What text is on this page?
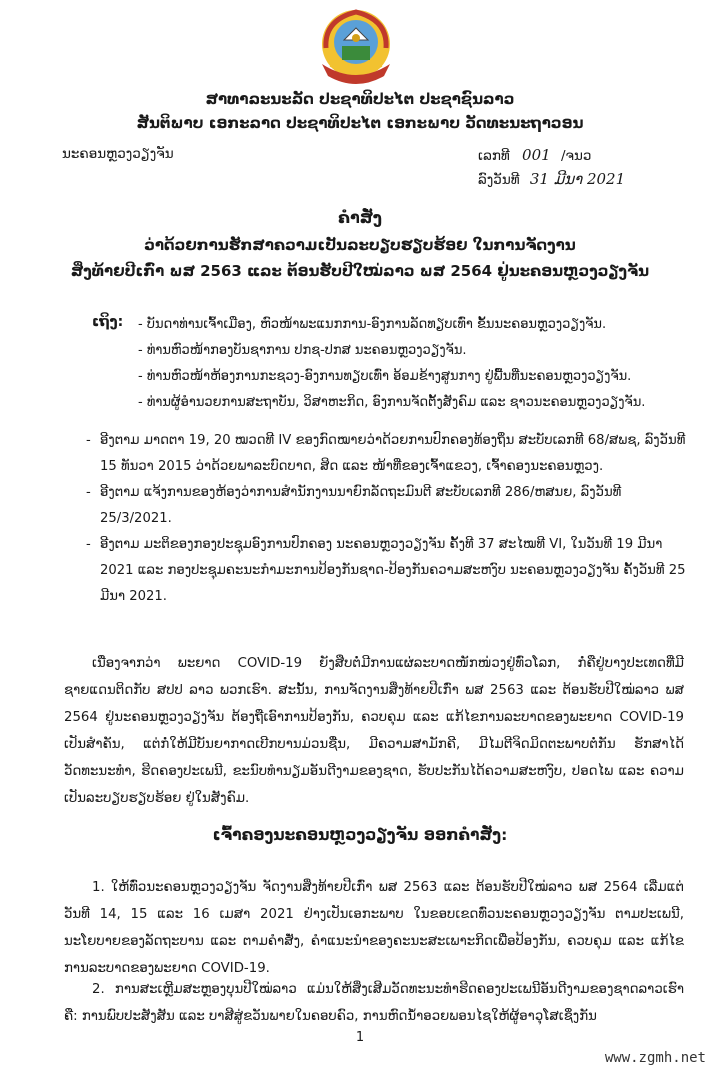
ສາທາລະນະລັດ ປະຊາທິປະໄຕ ປະຊາຊົນລາວ
ສັນຕິພາບ ເອກະລາດ ປະຊາທິປະໄຕ ເອກະພາບ ວັດທະນະຖາວອນ
ນະຄອນຫຼວງວຽງຈັນ	ເລກທີ 001 /ຈນວ
ລົງວັນທີ 31 ມີນາ 2021
ຄຳສັ່ງ
ວ່າດ້ວຍການຮັກສາຄວາມເປັນລະບຽບຮຽບຮ້ອຍ ໃນການຈັດງານ
ສິ່ງທ້າຍປີເກົ່າ ພສ 2563 ແລະ ຕ້ອນຮັບປີໃໝ່ລາວ ພສ 2564 ຢູ່ນະຄອນຫຼວງວຽງຈັນ
ເຖິງ: - ບັນດາທ່ານເຈົ້າເມືອງ, ຫົວໜ້າພະແນກການ-ອົງການລັດທຽບເທົ່າ ຂັ້ນນະຄອນຫຼວງວຽງຈັນ.
- ທ່ານຫົວໜ້າກອງບັນຊາການ ປກຊ-ປກສ ນະຄອນຫຼວງວຽງຈັນ.
- ທ່ານຫົວໜ້າຫ້ອງການກະຊວງ-ອົງການທຽບເທົ່າ ອ້ອມຂ້າງສູນກາງ ຢູ່ພື້ນທີ່ນະຄອນຫຼວງວຽງຈັນ.
- ທ່ານຜູ້ອຳນວຍການສະຖາບັນ, ວິສາຫະກິດ, ອົງການຈັດຕັ້ງສັງຄົມ ແລະ ຊາວນະຄອນຫຼວງວຽງຈັນ.
- ອີງຕາມ ມາດຕາ 19, 20 ໝວດທີ IV ຂອງກົດໝາຍວ່າດ້ວຍການປົກຄອງທ້ອງຖິ່ນ ສະບັບເລກທີ 68/ສພຊ, ລົງວັນທີ 15 ທັນວາ 2015 ວ່າດ້ວຍພາລະບົດບາດ, ສິດ ແລະ ໜ້າທີ່ຂອງເຈົ້າແຂວງ, ເຈົ້າຄອງນະຄອນຫຼວງ.
- ອີງຕາມ ແຈ້ງການຂອງຫ້ອງວ່າການສຳນັກງານນາຍົກລັດຖະມົນຕີ ສະບັບເລກທີ 286/ຫສນຍ, ລົງວັນທີ 25/3/2021.
- ອີງຕາມ ມະຕິຂອງກອງປະຊຸມອົງການປົກຄອງ ນະຄອນຫຼວງວຽງຈັນ ຄັ້ງທີ 37 ສະໄໝທີ VI, ໃນວັນທີ 19 ມີນາ 2021 ແລະ ກອງປະຊຸມຄະນະກຳມະການປ້ອງກັນຊາດ-ປ້ອງກັນຄວາມສະຫງົບ ນະຄອນຫຼວງວຽງຈັນ ຄັ້ງວັນທີ 25 ມີນາ 2021.
ເນື່ອງຈາກວ່າ ພະຍາດ COVID-19 ຍັງສືບຕໍ່ມີການແຜ່ລະບາດໜັກໜ່ວງຢູ່ທົ່ວໂລກ, ກໍ່ຄືຢູ່ບາງປະເທດທີ່ມີຊາຍແດນຕິດກັບ ສປປ ລາວ ພວກເຮົາ. ສະນັ້ນ, ການຈັດງານສິ່ງທ້າຍປີເກົ່າ ພສ 2563 ແລະ ຕ້ອນຮັບປີໃໝ່ລາວ ພສ 2564 ຢູ່ນະຄອນຫຼວງວຽງຈັນ ຕ້ອງຖືເອົາການປ້ອງກັນ, ຄວບຄຸມ ແລະ ແກ້ໄຂການລະບາດຂອງພະຍາດ COVID-19 ເປັນສຳຄັນ, ແຕ່ກໍ່ໃຫ້ມີບັນຍາກາດເບີກບານມ່ວນຊື່ນ, ມີຄວາມສາມັກຄີ, ມີໄມຕີຈິດມິດຕະພາບຕໍ່ກັນ ຮັກສາໄດ້ວັດທະນະທຳ, ຮີດຄອງປະເພນີ, ຂະນົບທຳນຽມອັນດີງາມຂອງຊາດ, ຮັບປະກັນໄດ້ຄວາມສະຫງົບ, ປອດໄພ ແລະ ຄວາມເປັນລະບຽບຮຽບຮ້ອຍ ຢູ່ໃນສັງຄົມ.
ເຈົ້າຄອງນະຄອນຫຼວງວຽງຈັນ ອອກຄຳສັ່ງ:
1. ໃຫ້ທົ່ວນະຄອນຫຼວງວຽງຈັນ ຈັດງານສິ່ງທ້າຍປີເກົ່າ ພສ 2563 ແລະ ຕ້ອນຮັບປີໃໝ່ລາວ ພສ 2564 ເລີ່ມແຕ່ວັນທີ 14, 15 ແລະ 16 ເມສາ 2021 ຢ່າງເປັນເອກະພາບ ໃນຂອບເຂດທົ່ວນະຄອນຫຼວງວຽງຈັນ ຕາມປະເພນີ, ນະໂຍບາຍຂອງລັດຖະບານ ແລະ ຕາມຄຳສັ່ງ, ຄຳແນະນຳຂອງຄະນະສະເພາະກິດເພື່ອປ້ອງກັນ, ຄວບຄຸມ ແລະ ແກ້ໄຂການລະບາດຂອງພະຍາດ COVID-19.
2. ການສະເຫຼີມສະຫຼອງບຸນປີໃໝ່ລາວ ແມ່ນໃຫ້ສິ່ງເສີມວັດທະນະທຳຮີດຄອງປະເພນີອັນດີງາມຂອງຊາດລາວເຮົາຄື: ການພົບປະສັງສັນ ແລະ ບາສີສູ່ຂວັນພາຍໃນຄອບຄົວ, ການຫົດນ້ຳອວຍພອນໄຊໃຫ້ຜູ້ອາວຸໂສເຊິ່ງກັນ
1
www.zgmh.net
